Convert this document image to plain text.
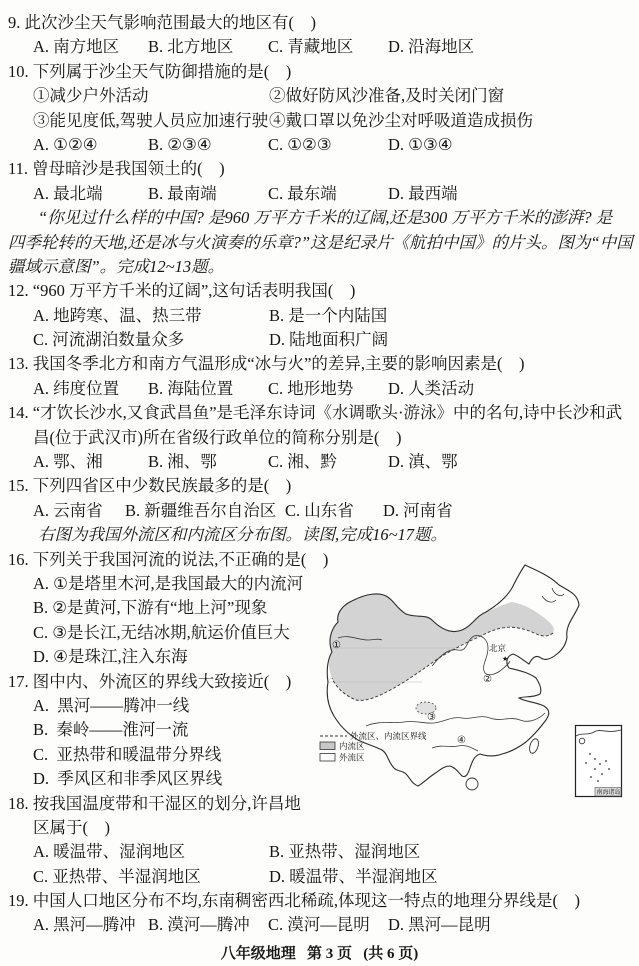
9. 此次沙尘天气影响范围最大的地区有(    )
A. 南方地区	B. 北方地区	C. 青藏地区	D. 沿海地区
10. 下列属于沙尘天气防御措施的是(    )
①减少户外活动	②做好防风沙准备,及时关闭门窗
③能见度低,驾驶人员应加速行驶 ④戴口罩以免沙尘对呼吸道造成损伤
A. ①②④	B. ②③④	C. ①②③	D. ①③④
11. 曾母暗沙是我国领土的(    )
A. 最北端	B. 最南端	C. 最东端	D. 最西端
“你见过什么样的中国? 是960 万平方千米的辽阔,还是300 万平方千米的澎湃? 是
四季轮转的天地,还是冰与火演奏的乐章?”这是纪录片《航拍中国》的片头。图为“中国
疆域示意图”。完成12~13题。
12. “960 万平方千米的辽阔”,这句话表明我国(    )
A. 地跨寒、温、热三带	B. 是一个内陆国
C. 河流湖泊数量众多	D. 陆地面积广阔
13. 我国冬季北方和南方气温形成“冰与火”的差异,主要的影响因素是(    )
A. 纬度位置	B. 海陆位置	C. 地形地势	D. 人类活动
14. “才饮长沙水,又食武昌鱼”是毛泽东诗词《水调歌头·游泳》中的名句,诗中长沙和武
昌(位于武汉市)所在省级行政单位的简称分别是(    )
A. 鄂、湘	B. 湘、鄂	C. 湘、黔	D. 滇、鄂
15. 下列四省区中少数民族最多的是(    )
A. 云南省	B. 新疆维吾尔自治区 C. 山东省	D. 河南省
右图为我国外流区和内流区分布图。读图,完成16~17题。
16. 下列关于我国河流的说法,不正确的是(    )
A. ①是塔里木河,是我国最大的内流河
B. ②是黄河,下游有“地上河”现象
C. ③是长江,无结冰期,航运价值巨大
D. ④是珠江,注入东海
17. 图中内、外流区的界线大致接近(    )
A.  黑河——腾冲一线
B.  秦岭——淮河一流
C.  亚热带和暖温带分界线
D.  季风区和非季风区界线
18. 按我国温度带和干湿区的划分,许昌地
区属于(    )
A. 暖温带、湿润地区	B. 亚热带、湿润地区
C. 亚热带、半湿润地区	D. 暖温带、半湿润地区
19. 中国人口地区分布不均,东南稠密西北稀疏,体现这一特点的地理分界线是(    )
A. 黑河—腾冲 B. 漠河—腾冲	C. 漠河—昆明	D. 黑河—昆明
①
②
③
④
北京
★
外流区、内流区界线
内流区
外流区
南海诸岛
八年级地理   第 3 页   (共 6 页)
